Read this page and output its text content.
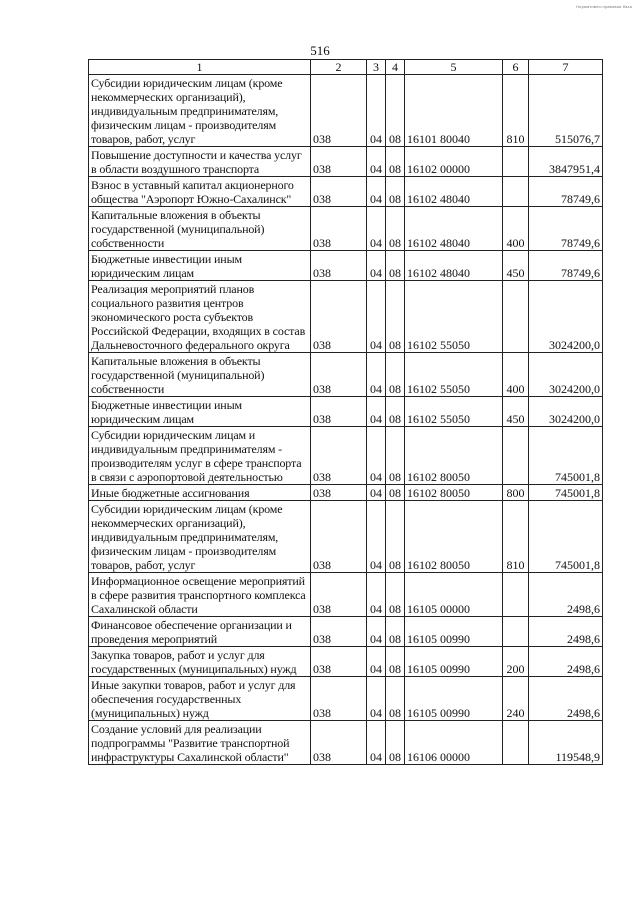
Нормативно-правовая база
516
1	2	3	4	5	6	7
Субсидии юридическим лицам (кроме некоммерческих организаций), индивидуальным предпринимателям, физическим лицам - производителям товаров, работ, услуг	038	04	08	16101 80040	810	515076,7
Повышение доступности и качества услуг в области воздушного транспорта	038	04	08	16102 00000		3847951,4
Взнос в уставный капитал акционерного общества "Аэропорт Южно-Сахалинск"	038	04	08	16102 48040		78749,6
Капитальные вложения в объекты государственной (муниципальной) собственности	038	04	08	16102 48040	400	78749,6
Бюджетные инвестиции иным юридическим лицам	038	04	08	16102 48040	450	78749,6
Реализация мероприятий планов социального развития центров экономического роста субъектов Российской Федерации, входящих в состав Дальневосточного федерального округа	038	04	08	16102 55050		3024200,0
Капитальные вложения в объекты государственной (муниципальной) собственности	038	04	08	16102 55050	400	3024200,0
Бюджетные инвестиции иным юридическим лицам	038	04	08	16102 55050	450	3024200,0
Субсидии юридическим лицам и индивидуальным предпринимателям - производителям услуг в сфере транспорта в связи с аэропортовой деятельностью	038	04	08	16102 80050		745001,8
Иные бюджетные ассигнования	038	04	08	16102 80050	800	745001,8
Субсидии юридическим лицам (кроме некоммерческих организаций), индивидуальным предпринимателям, физическим лицам - производителям товаров, работ, услуг	038	04	08	16102 80050	810	745001,8
Информационное освещение мероприятий в сфере развития транспортного комплекса Сахалинской области	038	04	08	16105 00000		2498,6
Финансовое обеспечение организации и проведения мероприятий	038	04	08	16105 00990		2498,6
Закупка товаров, работ и услуг для государственных (муниципальных) нужд	038	04	08	16105 00990	200	2498,6
Иные закупки товаров, работ и услуг для обеспечения государственных (муниципальных) нужд	038	04	08	16105 00990	240	2498,6
Создание условий для реализации подпрограммы "Развитие транспортной инфраструктуры Сахалинской области"	038	04	08	16106 00000		119548,9
